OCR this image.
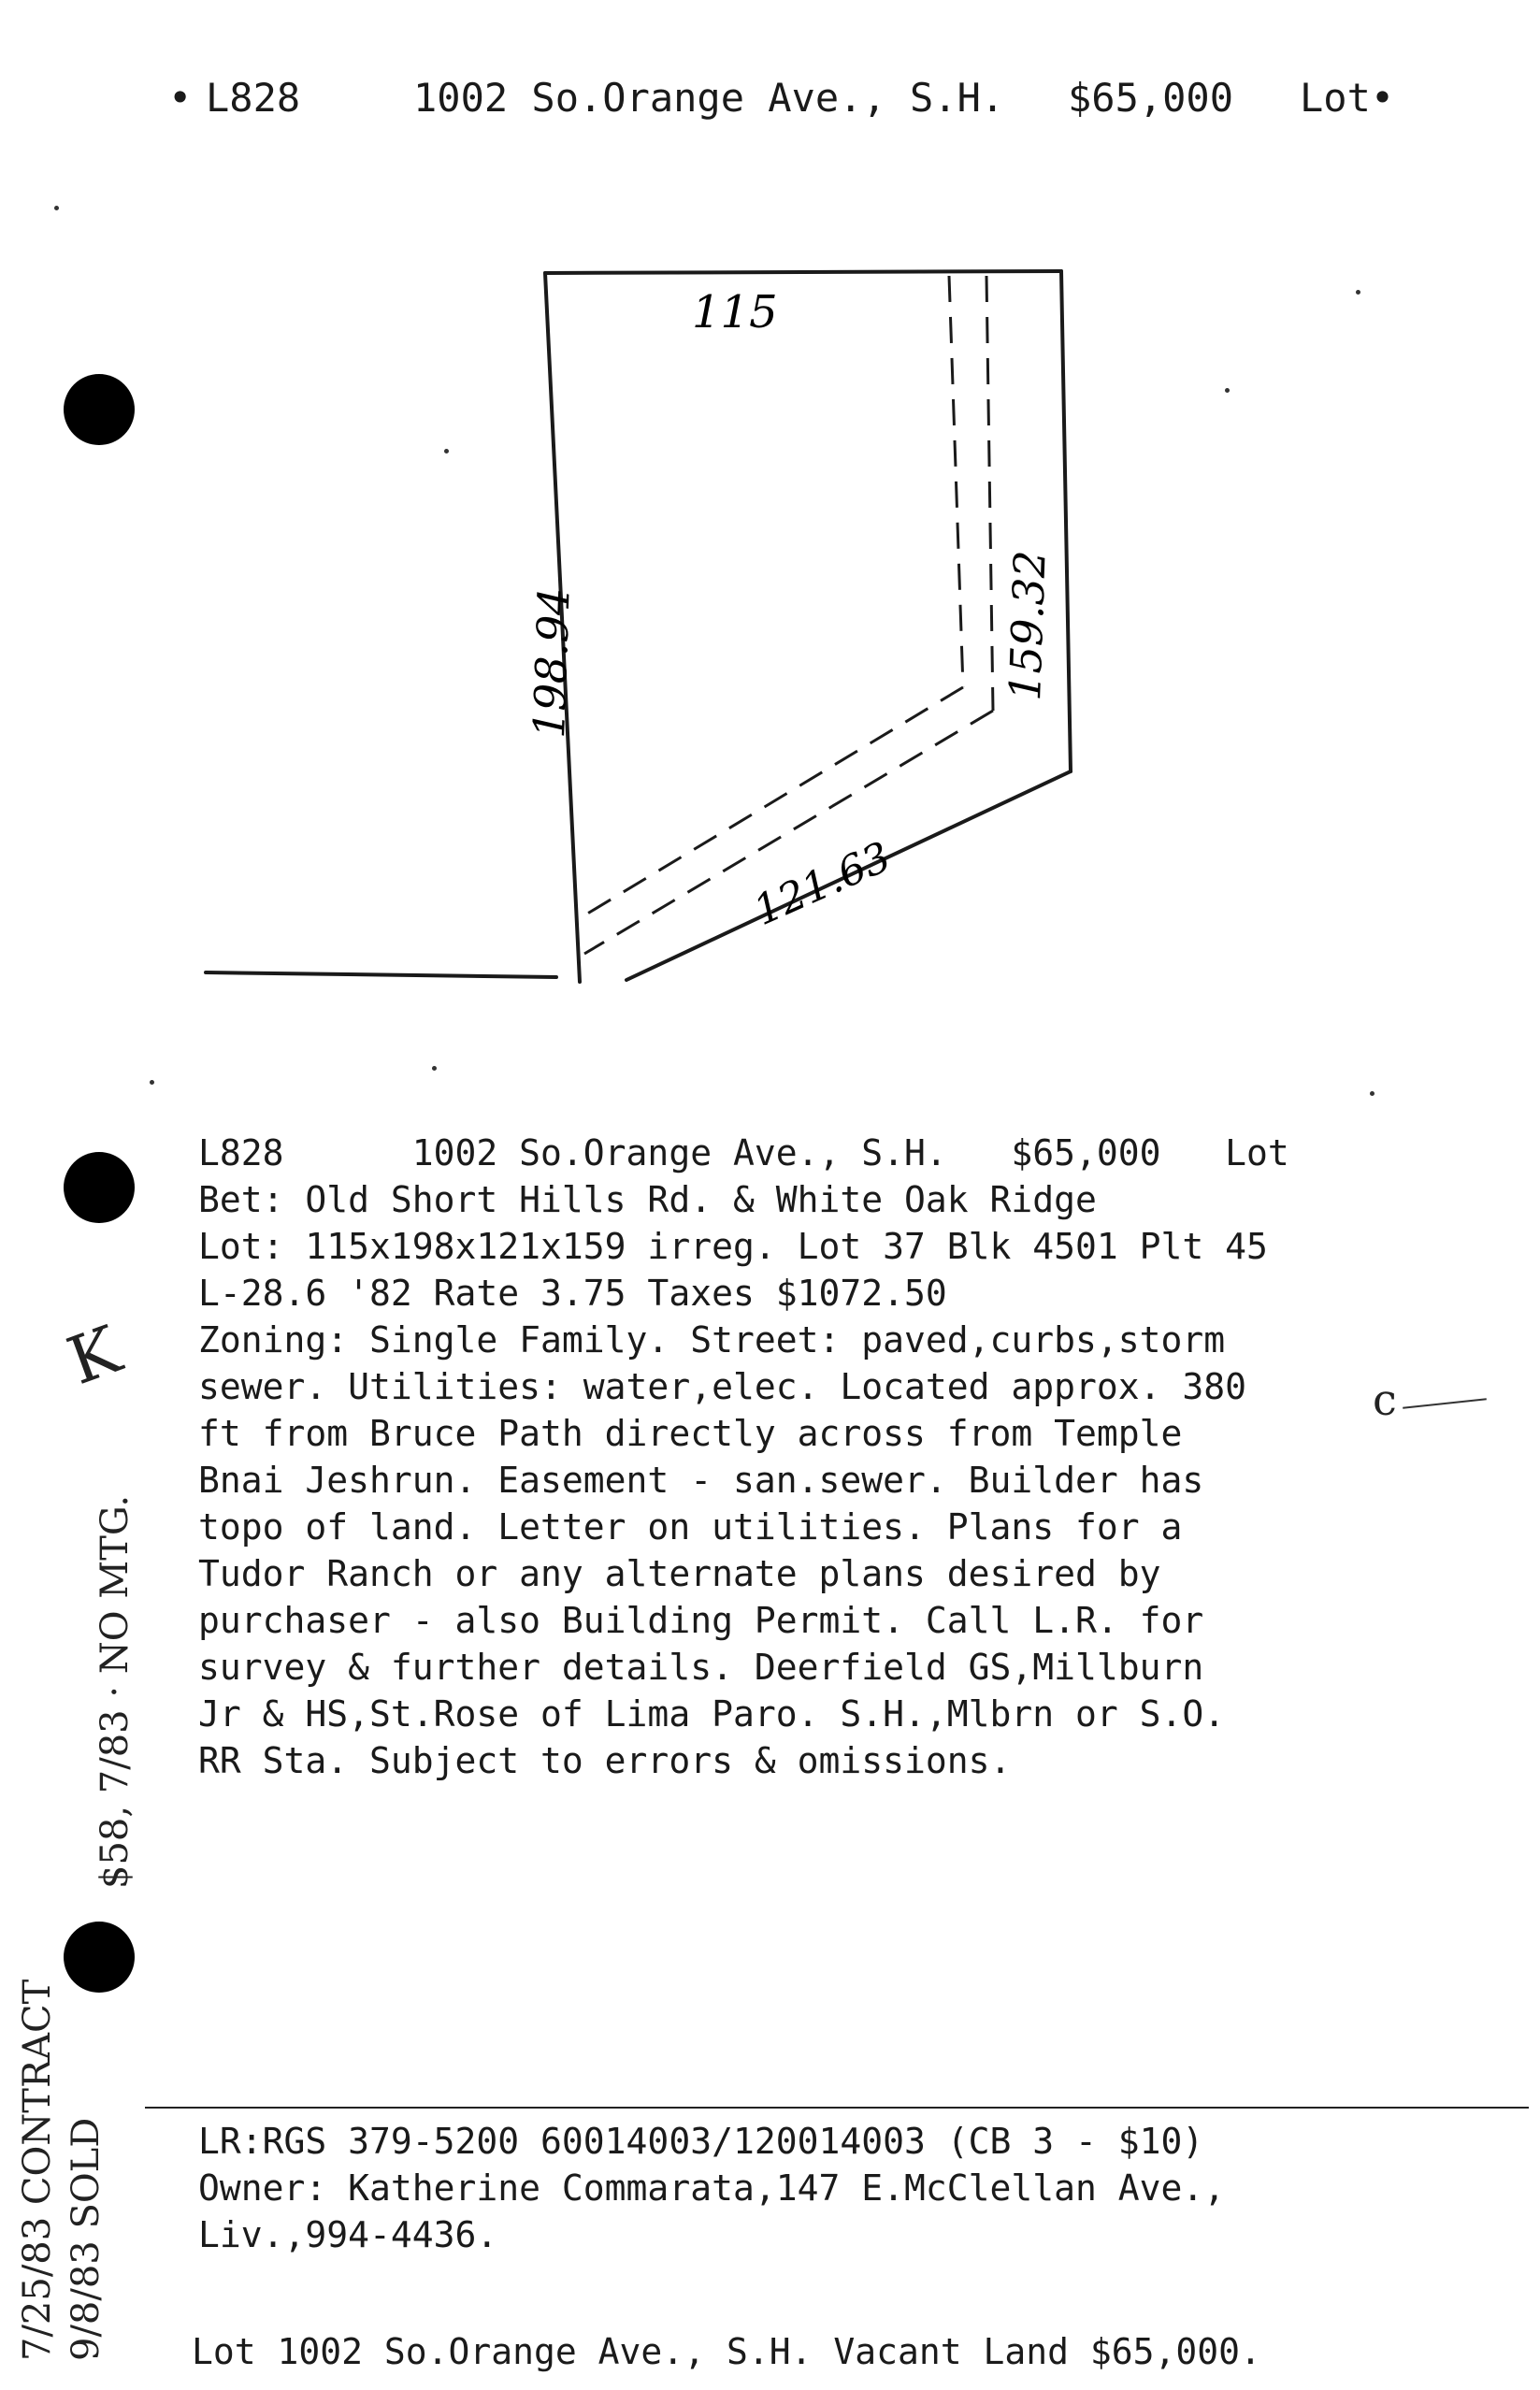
•

L828

	1002 So.Orange Ave., S.H.

$65,000

Lot•

115
198.94	159.32
121.63
L828      1002 So.Orange Ave., S.H.   $65,000   Lot
Bet: Old Short Hills Rd. & White Oak Ridge
Lot: 115x198x121x159 irreg. Lot 37 Blk 4501 Plt 45
L-28.6 '82 Rate 3.75 Taxes $1072.50
Zoning: Single Family. Street: paved,curbs,storm
sewer. Utilities: water,elec. Located approx. 380
ft from Bruce Path directly across from Temple
Bnai Jeshrun. Easement - san.sewer. Builder has
topo of land. Letter on utilities. Plans for a
Tudor Ranch or any alternate plans desired by
purchaser - also Building Permit. Call L.R. for
survey & further details. Deerfield GS,Millburn
Jr & HS,St.Rose of Lima Paro. S.H.,Mlbrn or S.O.
RR Sta. Subject to errors & omissions.
K	c
$58, 7/83 · NO MTG.
LR:RGS 379-5200 60014003/120014003 (CB 3 - $10)
Owner: Katherine Commarata,147 E.McClellan Ave.,
Liv.,994-4436.
7/25/83 CONTRACT 9/8/83 SOLD Lot 1002 So.Orange Ave., S.H. Vacant Land $65,000.
